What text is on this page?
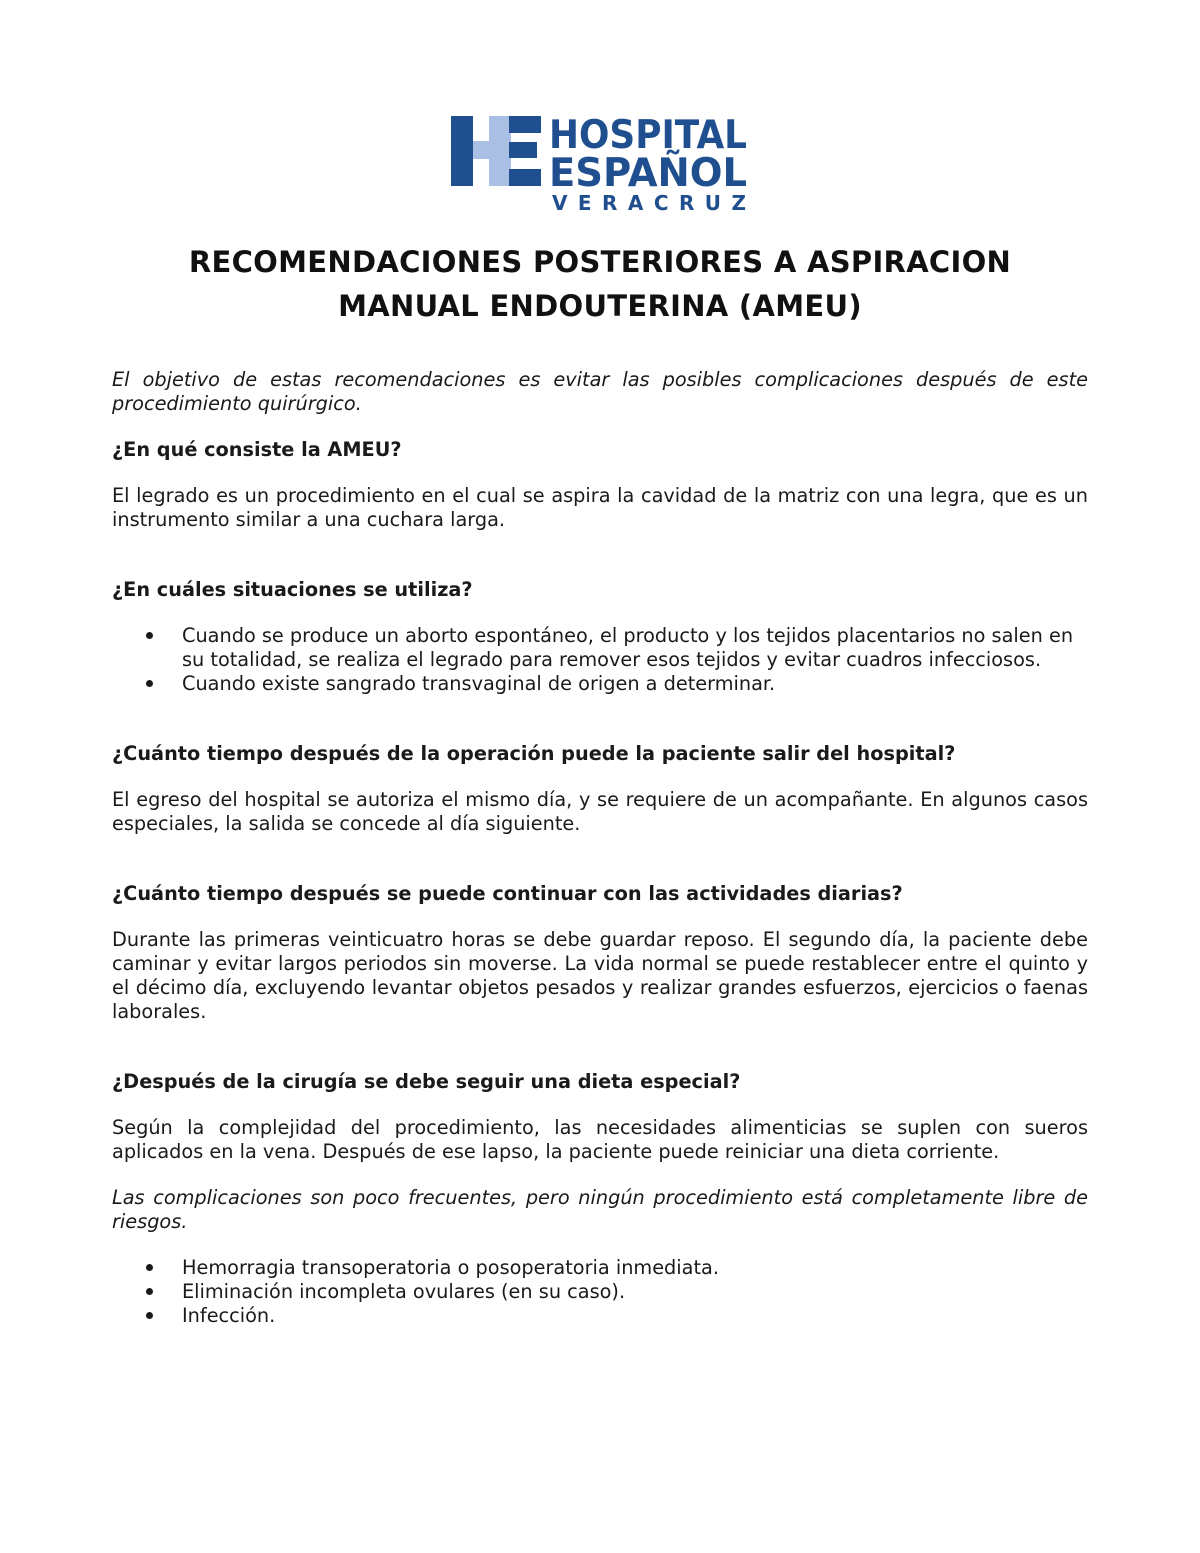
HOSPITAL
ESPAÑOL
VERACRUZ
RECOMENDACIONES POSTERIORES A ASPIRACION
MANUAL ENDOUTERINA (AMEU)

El objetivo de estas recomendaciones es evitar las posibles complicaciones después de este procedimiento quirúrgico.

¿En qué consiste la AMEU?

El legrado es un procedimiento en el cual se aspira la cavidad de la matriz con una legra, que es un instrumento similar a una cuchara larga.

¿En cuáles situaciones se utiliza?

Cuando se produce un aborto espontáneo, el producto y los tejidos placentarios no salen en su totalidad, se realiza el legrado para remover esos tejidos y evitar cuadros infecciosos.
Cuando existe sangrado transvaginal de origen a determinar.

¿Cuánto tiempo después de la operación puede la paciente salir del hospital?

El egreso del hospital se autoriza el mismo día, y se requiere de un acompañante. En algunos casos especiales, la salida se concede al día siguiente.

¿Cuánto tiempo después se puede continuar con las actividades diarias?

Durante las primeras veinticuatro horas se debe guardar reposo. El segundo día, la paciente debe caminar y evitar largos periodos sin moverse. La vida normal se puede restablecer entre el quinto y el décimo día, excluyendo levantar objetos pesados y realizar grandes esfuerzos, ejercicios o faenas laborales.

¿Después de la cirugía se debe seguir una dieta especial?

Según la complejidad del procedimiento, las necesidades alimenticias se suplen con sueros aplicados en la vena. Después de ese lapso, la paciente puede reiniciar una dieta corriente.

Las complicaciones son poco frecuentes, pero ningún procedimiento está completamente libre de riesgos.

Hemorragia transoperatoria o posoperatoria inmediata.
Eliminación incompleta ovulares (en su caso).
Infección.
